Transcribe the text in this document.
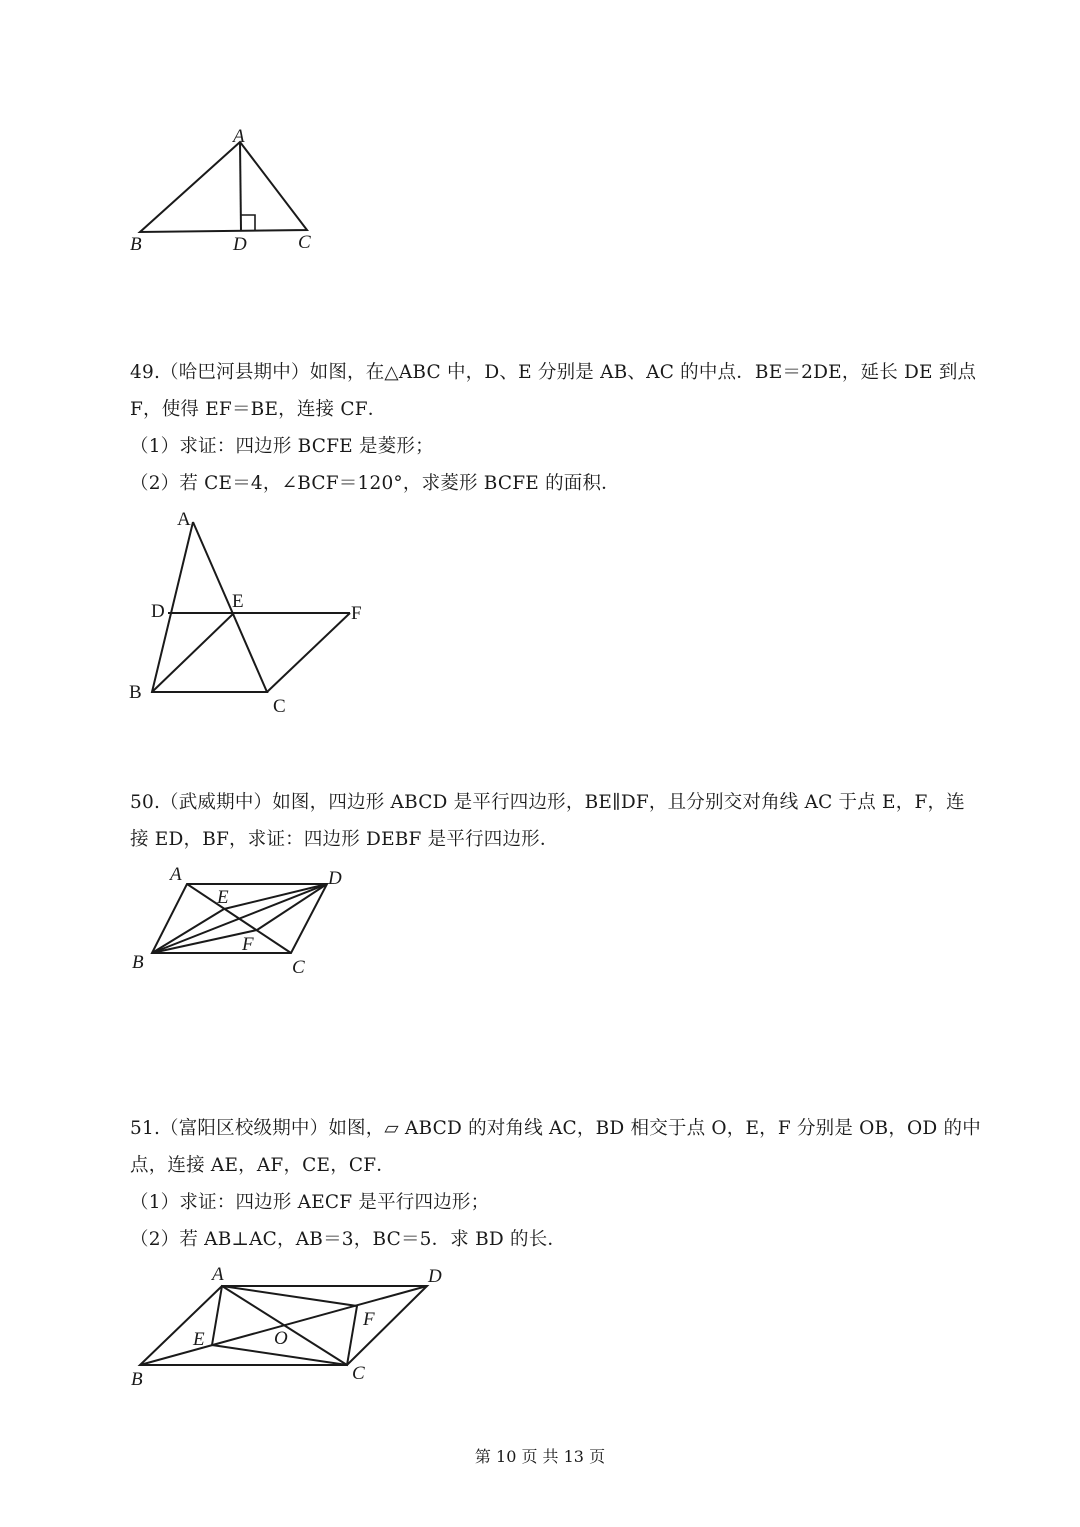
A
B	D	C
49.（哈巴河县期中）如图，在△ABC 中，D、E 分别是 AB、AC 的中点．BE＝2DE，延长 DE 到点
F，使得 EF＝BE，连接 CF．
（1）求证：四边形 BCFE 是菱形；
（2）若 CE＝4，∠BCF＝120°，求菱形 BCFE 的面积．
A
D	E
F
B
C
50.（武威期中）如图，四边形 ABCD 是平行四边形，BE∥DF，且分别交对角线 AC 于点 E，F，连
接 ED，BF，求证：四边形 DEBF 是平行四边形．
A	D
E
F
B	C
51.（富阳区校级期中）如图，▱ ABCD 的对角线 AC，BD 相交于点 O，E，F 分别是 OB，OD 的中
点，连接 AE，AF，CE，CF．
（1）求证：四边形 AECF 是平行四边形；
（2）若 AB⊥AC，AB＝3，BC＝5．求 BD 的长．
A	D
E	O
F
B	C
第 10 页 共 13 页
